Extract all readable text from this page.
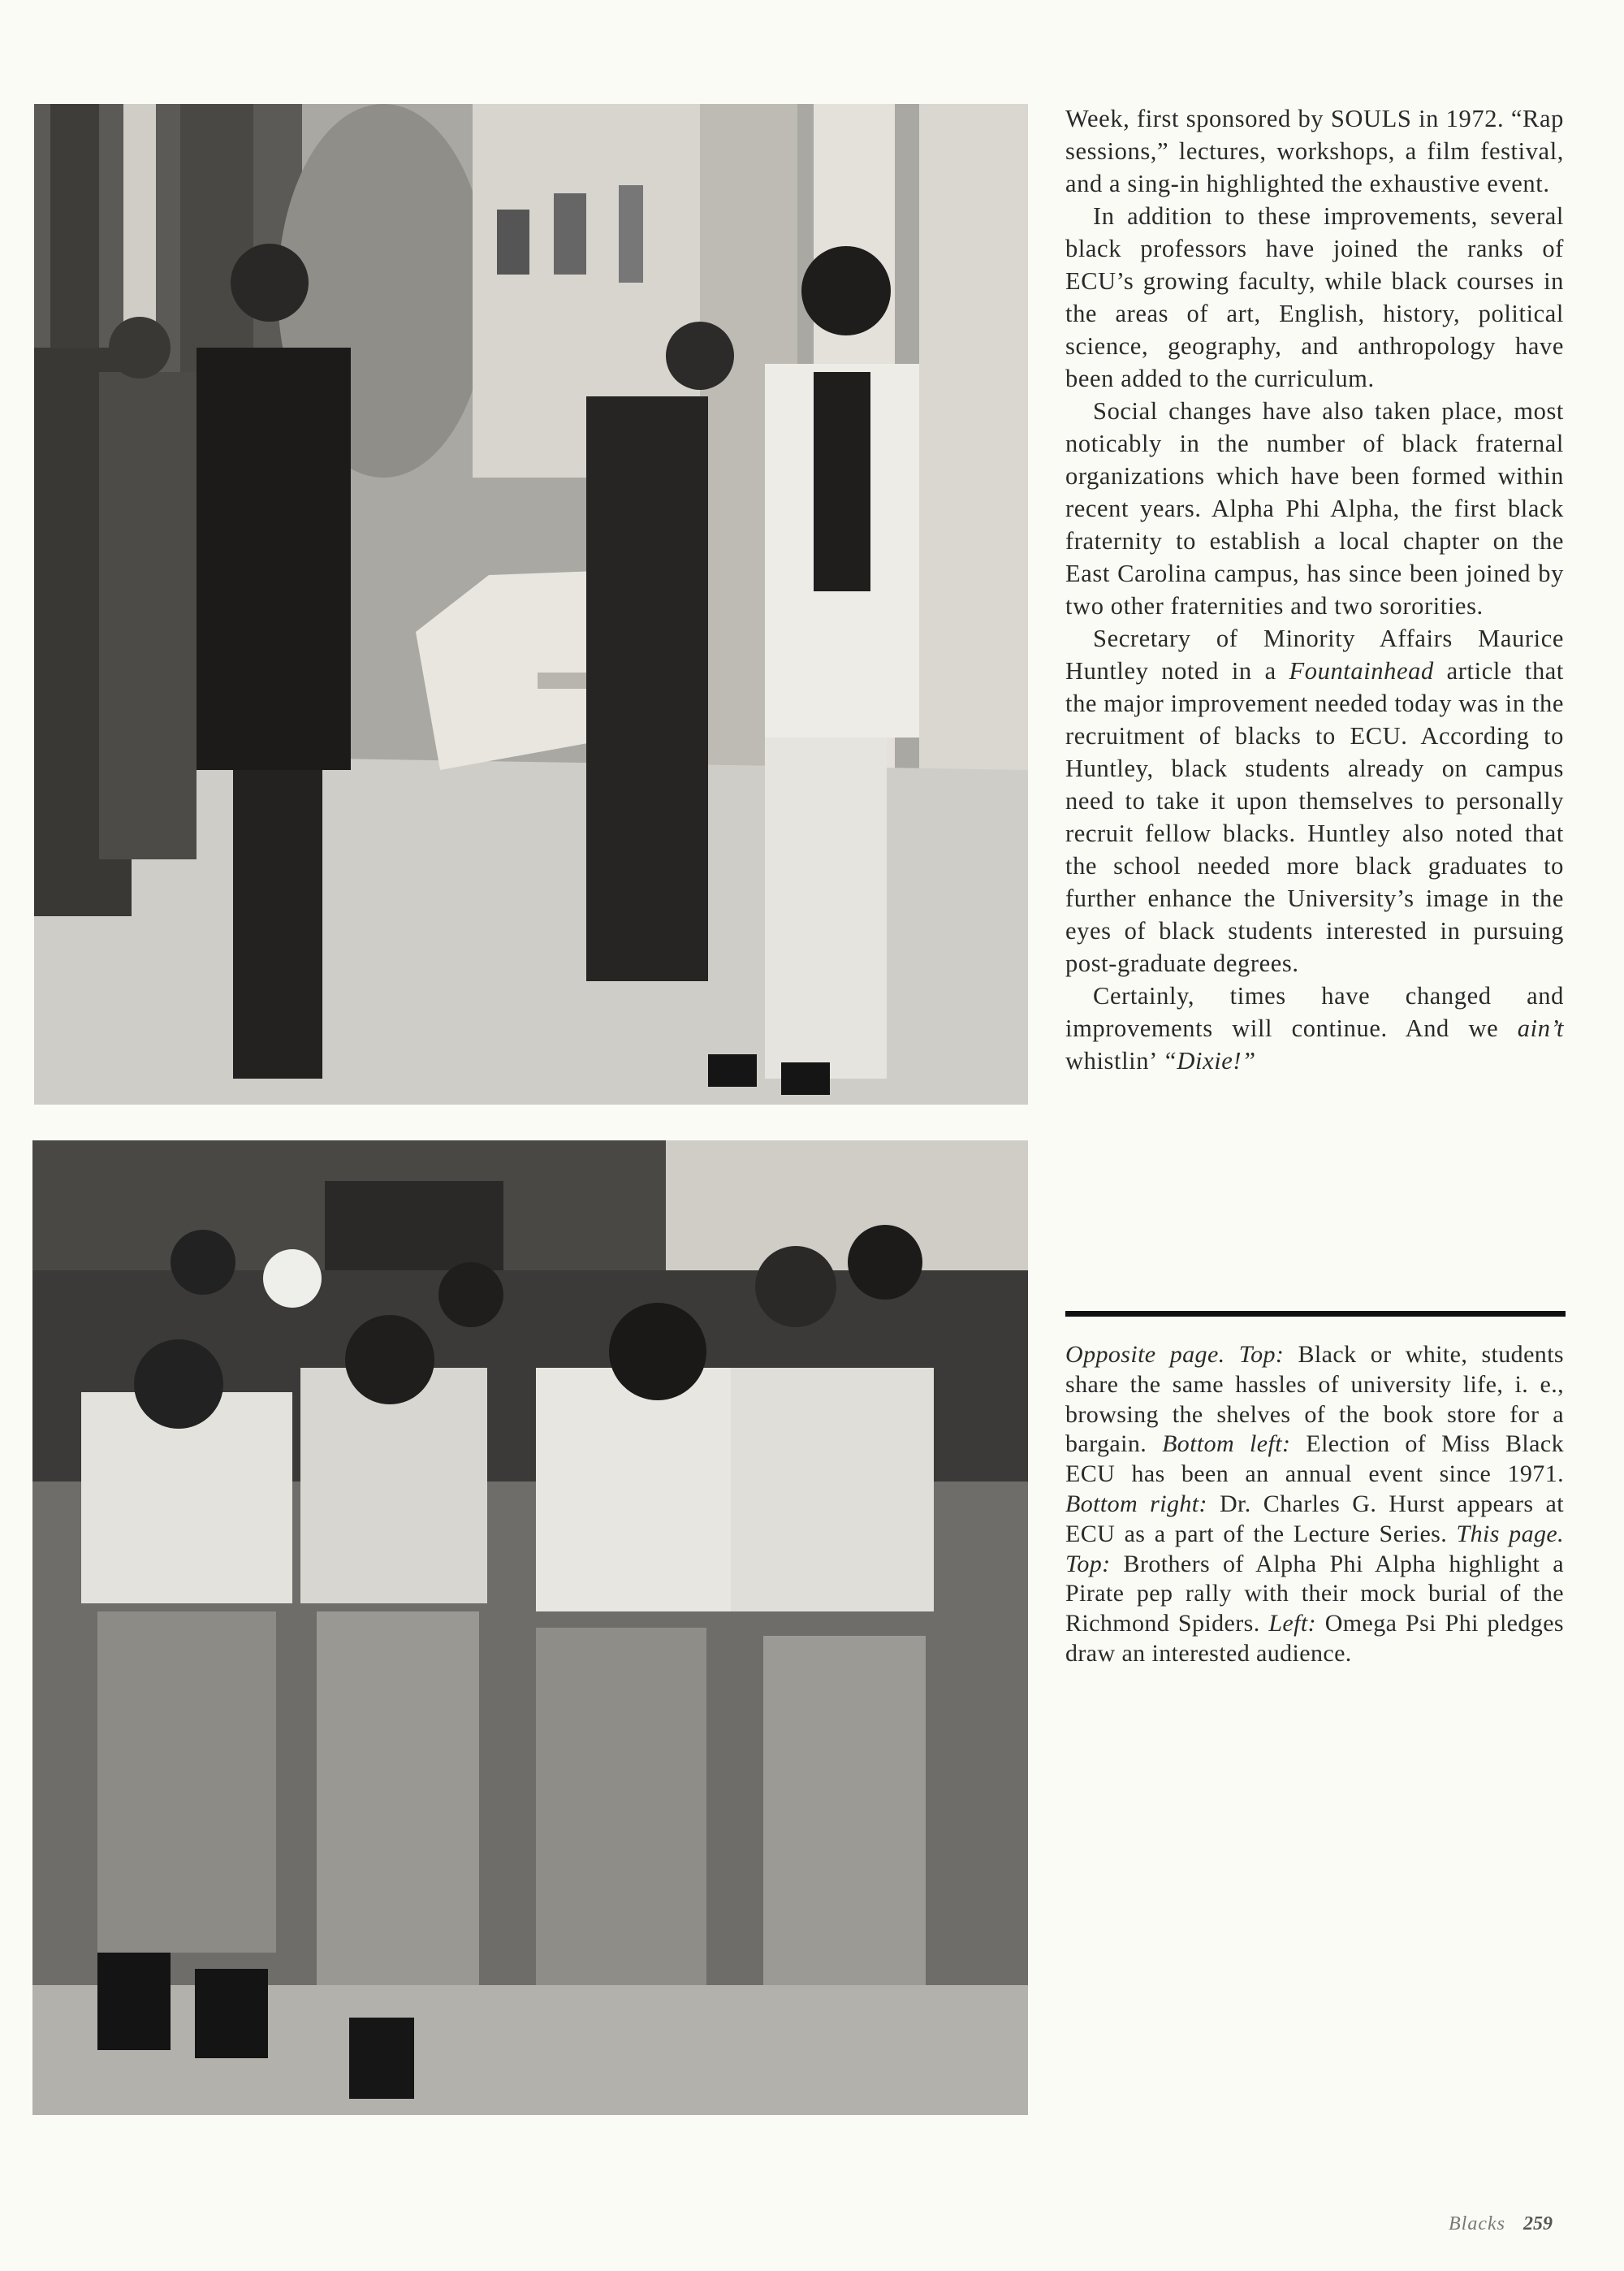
Week, first sponsored by SOULS in 1972. “Rap sessions,” lectures, workshops, a film festival, and a sing-in highlighted the exhaustive event.

In addition to these improvements, several black professors have joined the ranks of ECU’s growing faculty, while black courses in the areas of art, English, history, political science, geography, and anthropology have been added to the curriculum.

Social changes have also taken place, most noticably in the number of black fraternal organizations which have been formed within recent years. Alpha Phi Alpha, the first black fraternity to establish a local chapter on the East Carolina campus, has since been joined by two other fraternities and two sororities.

Secretary of Minority Affairs Maurice Huntley noted in a Fountainhead article that the major improvement needed today was in the recruitment of blacks to ECU. According to Huntley, black students already on campus need to take it upon themselves to personally recruit fellow blacks. Huntley also noted that the school needed more black graduates to further enhance the University’s image in the eyes of black students interested in pursuing post-graduate degrees.

Certainly, times have changed and improvements will continue. And we ain’t whistlin’ “Dixie!”

Opposite page. Top: Black or white, students share the same hassles of university life, i. e., browsing the shelves of the book store for a bargain. Bottom left: Election of Miss Black ECU has been an annual event since 1971. Bottom right: Dr. Charles G. Hurst appears at ECU as a part of the Lecture Series. This page. Top: Brothers of Alpha Phi Alpha highlight a Pirate pep rally with their mock burial of the Richmond Spiders. Left: Omega Psi Phi pledges draw an interested audience.

Blacks 259
